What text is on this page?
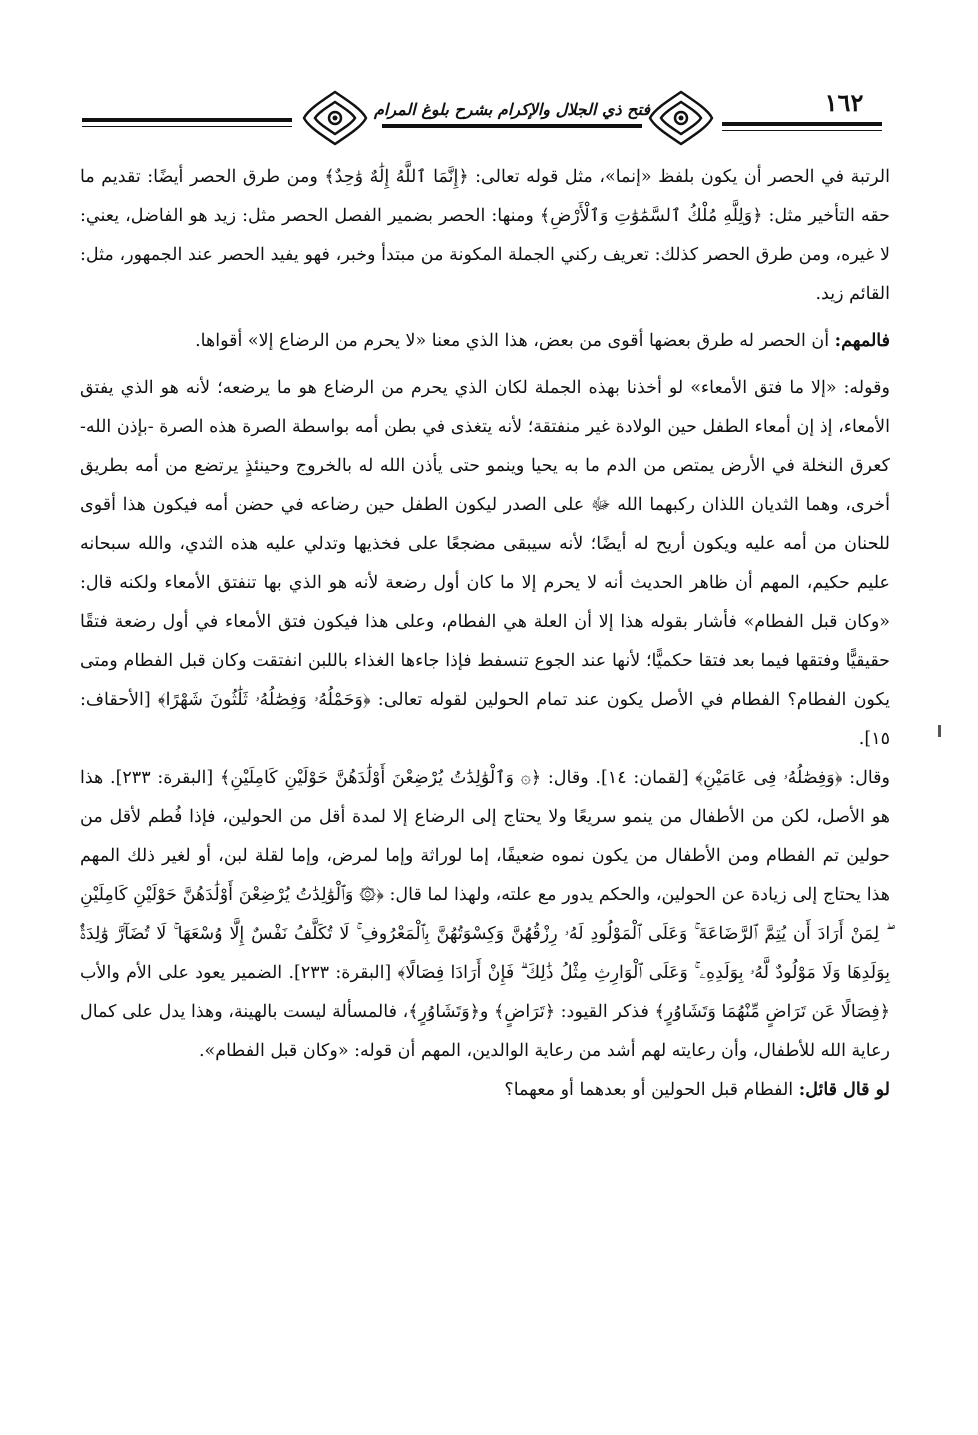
فتح ذي الجلال والإكرام بشرح بلوغ المرام	١٦٢

الرتبة في الحصر أن يكون بلفظ «إنما»، مثل قوله تعالى: ﴿إِنَّمَا ٱللَّهُ إِلَٰهٌ وَٰحِدٌ﴾ ومن طرق الحصر أيضًا: تقديم ما حقه التأخير مثل: ﴿وَلِلَّهِ مُلْكُ ٱلسَّمَٰوَٰتِ وَٱلْأَرْضِ﴾ ومنها: الحصر بضمير الفصل الحصر مثل: زيد هو الفاضل، يعني: لا غيره، ومن طرق الحصر كذلك: تعريف ركني الجملة المكونة من مبتدأ وخبر، فهو يفيد الحصر عند الجمهور، مثل: القائم زيد.

فالمهم: أن الحصر له طرق بعضها أقوى من بعض، هذا الذي معنا «لا يحرم من الرضاع إلا» أقواها.

وقوله: «إلا ما فتق الأمعاء» لو أخذنا بهذه الجملة لكان الذي يحرم من الرضاع هو ما يرضعه؛ لأنه هو الذي يفتق الأمعاء، إذ إن أمعاء الطفل حين الولادة غير منفتقة؛ لأنه يتغذى في بطن أمه بواسطة الصرة هذه الصرة -بإذن الله- كعرق النخلة في الأرض يمتص من الدم ما به يحيا وينمو حتى يأذن الله له بالخروج وحينئذٍ يرتضع من أمه بطريق أخرى، وهما الثديان اللذان ركبهما الله ﷻ على الصدر ليكون الطفل حين رضاعه في حضن أمه فيكون هذا أقوى للحنان من أمه عليه ويكون أريح له أيضًا؛ لأنه سيبقى مضجعًا على فخذيها وتدلي عليه هذه الثدي، والله سبحانه عليم حكيم، المهم أن ظاهر الحديث أنه لا يحرم إلا ما كان أول رضعة لأنه هو الذي بها تنفتق الأمعاء ولكنه قال: «وكان قبل الفطام» فأشار بقوله هذا إلا أن العلة هي الفطام، وعلى هذا فيكون فتق الأمعاء في أول رضعة فتقًا حقيقيًّا وفتقها فيما بعد فتقا حكميًّا؛ لأنها عند الجوع تنسفط فإذا جاءها الغذاء باللبن انفتقت وكان قبل الفطام ومتى يكون الفطام؟ الفطام في الأصل يكون عند تمام الحولين لقوله تعالى: ﴿وَحَمْلُهُۥ وَفِصَٰلُهُۥ ثَلَٰثُونَ شَهْرًا﴾ [الأحقاف: ١٥].

وقال: ﴿وَفِصَٰلُهُۥ فِى عَامَيْنِ﴾ [لقمان: ١٤]. وقال: ﴿۞ وَٱلْوَٰلِدَٰتُ يُرْضِعْنَ أَوْلَٰدَهُنَّ حَوْلَيْنِ كَامِلَيْنِ﴾ [البقرة: ٢٣٣]. هذا هو الأصل، لكن من الأطفال من ينمو سريعًا ولا يحتاج إلى الرضاع إلا لمدة أقل من الحولين، فإذا فُطم لأقل من حولين تم الفطام ومن الأطفال من يكون نموه ضعيفًا، إما لوراثة وإما لمرض، وإما لقلة لبن، أو لغير ذلك المهم هذا يحتاج إلى زيادة عن الحولين، والحكم يدور مع علته، ولهذا لما قال: ﴿۞ وَٱلْوَٰلِدَٰتُ يُرْضِعْنَ أَوْلَٰدَهُنَّ حَوْلَيْنِ كَامِلَيْنِ ۖ لِمَنْ أَرَادَ أَن يُتِمَّ ٱلرَّضَاعَةَ ۚ وَعَلَى ٱلْمَوْلُودِ لَهُۥ رِزْقُهُنَّ وَكِسْوَتُهُنَّ بِٱلْمَعْرُوفِ ۚ لَا تُكَلَّفُ نَفْسٌ إِلَّا وُسْعَهَا ۚ لَا تُضَآرَّ وَٰلِدَةٌۢ بِوَلَدِهَا وَلَا مَوْلُودٌ لَّهُۥ بِوَلَدِهِۦ ۚ وَعَلَى ٱلْوَارِثِ مِثْلُ ذَٰلِكَ ۗ فَإِنْ أَرَادَا فِصَالًا﴾ [البقرة: ٢٣٣]. الضمير يعود على الأم والأب ﴿فِصَالًا عَن تَرَاضٍ مِّنْهُمَا وَتَشَاوُرٍ﴾ فذكر القيود: ﴿تَرَاضٍ﴾ و﴿وَتَشَاوُرٍ﴾، فالمسألة ليست بالهينة، وهذا يدل على كمال رعاية الله للأطفال، وأن رعايته لهم أشد من رعاية الوالدين، المهم أن قوله: «وكان قبل الفطام».

لو قال قائل: الفطام قبل الحولين أو بعدهما أو معهما؟
